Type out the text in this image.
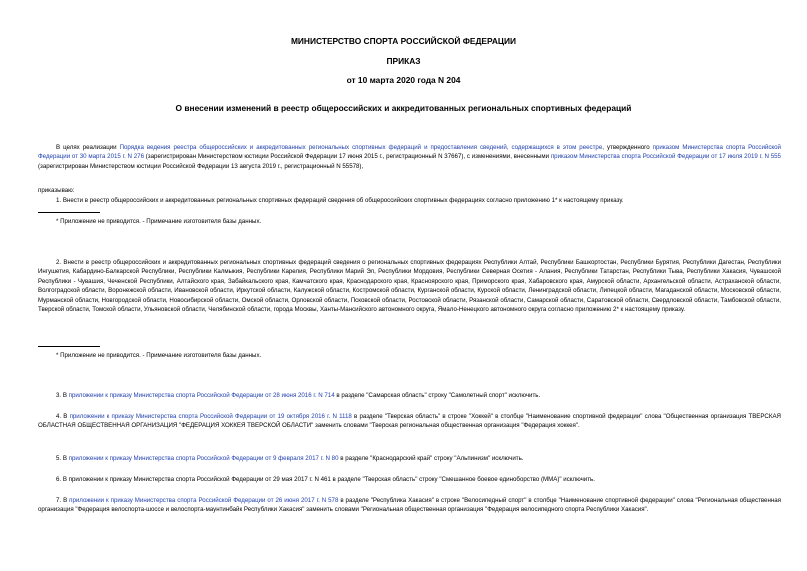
МИНИСТЕРСТВО СПОРТА РОССИЙСКОЙ ФЕДЕРАЦИИ
ПРИКАЗ
от 10 марта 2020 года N 204
О внесении изменений в реестр общероссийских и аккредитованных региональных спортивных федераций
В целях реализации Порядка ведения реестра общероссийских и аккредитованных региональных спортивных федераций и предоставления сведений, содержащихся в этом реестре, утвержденного приказом Министерства спорта Российской Федерации от 30 марта 2015 г. N 276 (зарегистрирован Министерством юстиции Российской Федерации 17 июня 2015 г., регистрационный N 37667), с изменениями, внесенными приказом Министерства спорта Российской Федерации от 17 июля 2019 г. N 555 (зарегистрирован Министерством юстиции Российской Федерации 13 августа 2019 г., регистрационный N 55578),
приказываю:
1. Внести в реестр общероссийских и аккредитованных региональных спортивных федераций сведения об общероссийских спортивных федерациях согласно приложению 1* к настоящему приказу.
* Приложение не приводится. - Примечание изготовителя базы данных.
2. Внести в реестр общероссийских и аккредитованных региональных спортивных федераций сведения о региональных спортивных федерациях Республики Алтай, Республики Башкортостан, Республики Бурятия, Республики Дагестан, Республики Ингушетия, Кабардино-Балкарской Республики, Республики Калмыкия, Республики Карелия, Республики Марий Эл, Республики Мордовия, Республики Северная Осетия - Алания, Республики Татарстан, Республики Тыва, Республики Хакасия, Чувашской Республики - Чувашия, Чеченской Республики, Алтайского края, Забайкальского края, Камчатского края, Краснодарского края, Красноярского края, Приморского края, Хабаровского края, Амурской области, Архангельской области, Астраханской области, Волгоградской области, Воронежской области, Ивановской области, Иркутской области, Калужской области, Костромской области, Курганской области, Курской области, Ленинградской области, Липецкой области, Магаданской области, Московской области, Мурманской области, Новгородской области, Новосибирской области, Омской области, Орловской области, Псковской области, Ростовской области, Рязанской области, Самарской области, Саратовской области, Свердловской области, Тамбовской области, Тверской области, Томской области, Ульяновской области, Челябинской области, города Москвы, Ханты-Мансийского автономного округа, Ямало-Ненецкого автономного округа согласно приложению 2* к настоящему приказу.
* Приложение не приводится. - Примечание изготовителя базы данных.
3. В приложении к приказу Министерства спорта Российской Федерации от 28 июня 2016 г. N 714 в разделе "Самарская область" строку "Самолетный спорт" исключить.
4. В приложении к приказу Министерства спорта Российской Федерации от 19 октября 2016 г. N 1118 в разделе "Тверская область" в строке "Хоккей" в столбце "Наименование спортивной федерации" слова "Общественная организация ТВЕРСКАЯ ОБЛАСТНАЯ ОБЩЕСТВЕННАЯ ОРГАНИЗАЦИЯ "ФЕДЕРАЦИЯ ХОККЕЯ ТВЕРСКОЙ ОБЛАСТИ" заменить словами "Тверская региональная общественная организация "Федерация хоккея".
5. В приложении к приказу Министерства спорта Российской Федерации от 9 февраля 2017 г. N 80 в разделе "Краснодарский край" строку "Альпинизм" исключить.
6. В приложении к приказу Министерства спорта Российской Федерации от 29 мая 2017 г. N 461 в разделе "Тверская область" строку "Смешанное боевое единоборство (ММА)" исключить.
7. В приложении к приказу Министерства спорта Российской Федерации от 26 июня 2017 г. N 578 в разделе "Республика Хакасия" в строке "Велосипедный спорт" в столбце "Наименование спортивной федерации" слова "Региональная общественная организация "Федерация велоспорта-шоссе и велоспорта-маунтинбайк Республики Хакасия" заменить словами "Региональная общественная организация "Федерация велосипедного спорта Республики Хакасия".
